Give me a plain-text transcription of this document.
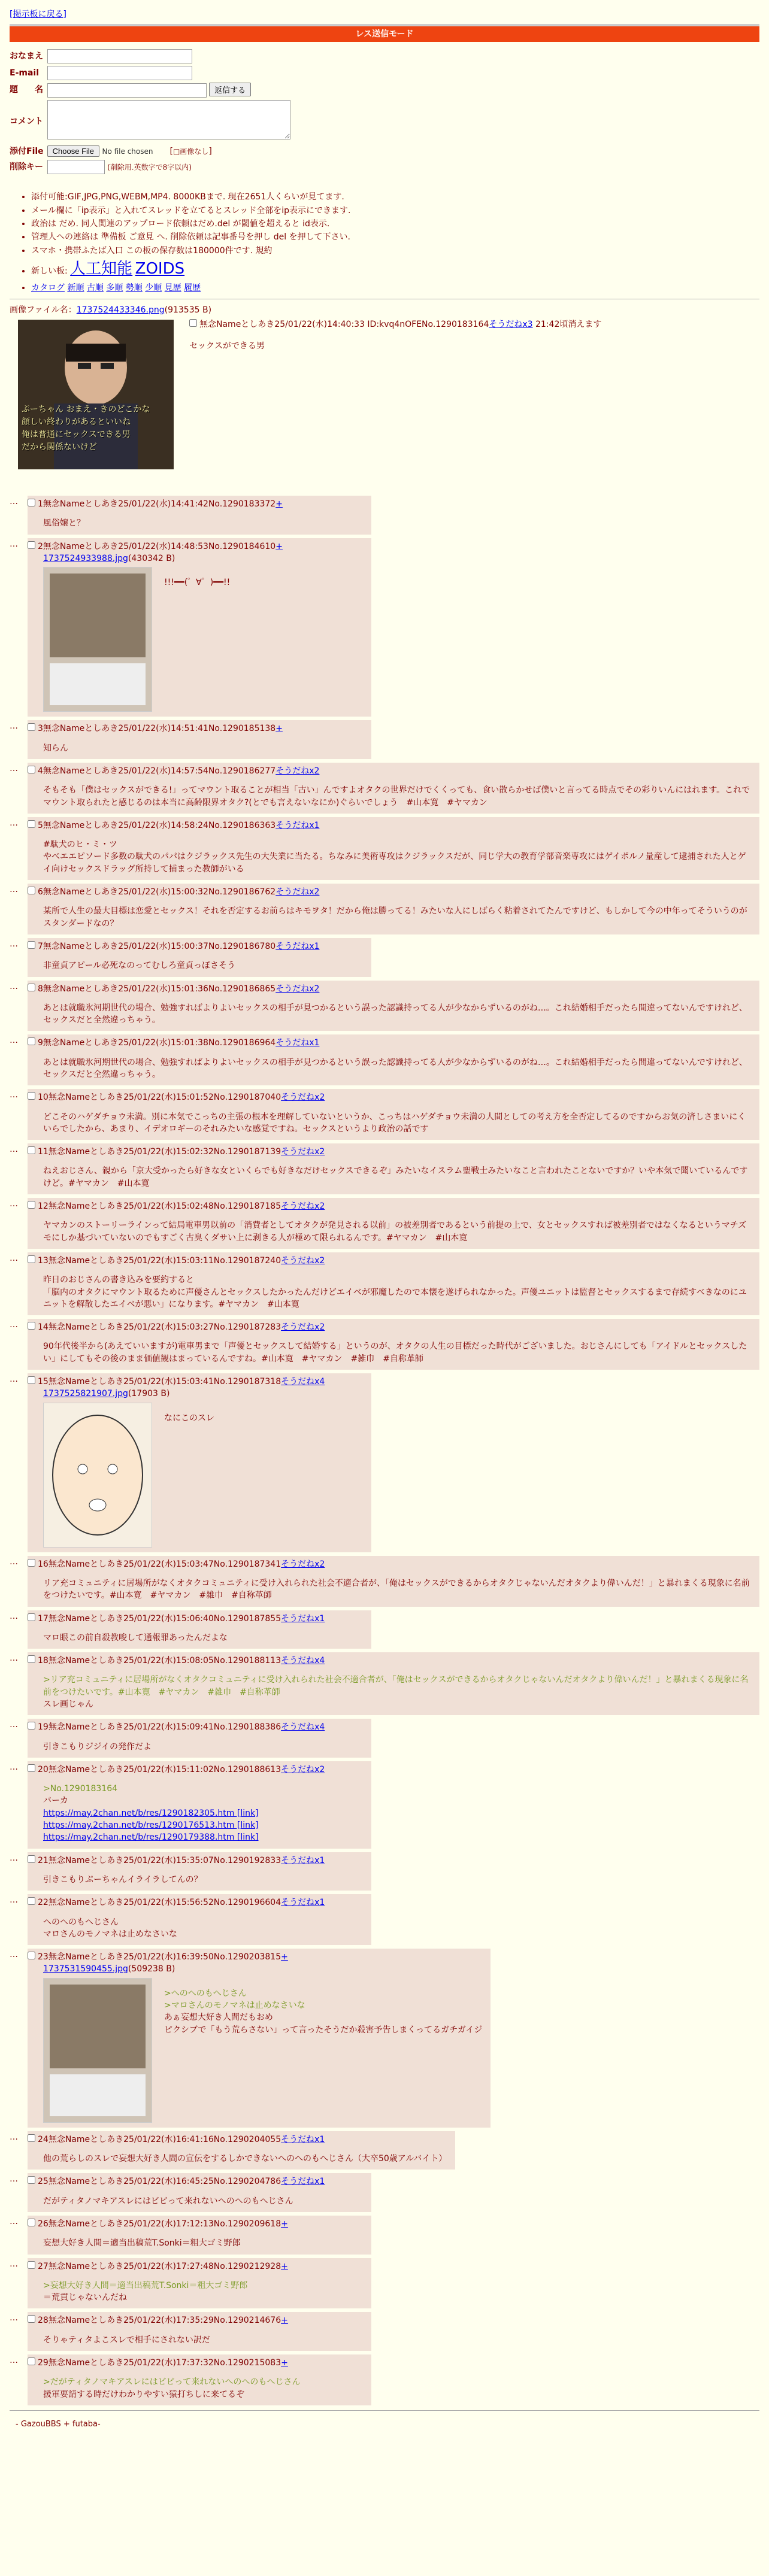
[掲示板に戻る]
レス送信モード
おなまえ	
E-mail	
題　　名	返信する
コメント	
添付File	Choose File No file chosen　　[□画像なし]
削除キー	(削除用.英数字で8字以内)
• 添付可能:GIF,JPG,PNG,WEBM,MP4. 8000KBまで. 現在2651人くらいが見てます.
• メール欄に「ip表示」と入れてスレッドを立てるとスレッド全部をip表示にできます.
• 政治は だめ. 同人関連のアップロード依頼はだめ.del が閾値を超えると id表示.
• 管理人への連絡は 準備板 ご意見 へ. 削除依頼は記事番号を押し del を押して下さい.
• スマホ・携帯ふたば入口 この板の保存数は180000件です. 規約
• 新しい板: 人工知能 ZOIDS
• カタログ 新順 古順 多順 勢順 少順 見歴 履歴
画像ファイル名：1737524433346.png(913535 B)
ぷーちゃん おまえ・きのどこかな
顔しい終わりがあるといいね
俺は普通にセックスできる男
だから関係ないけど
無念Nameとしあき25/01/22(水)14:40:33 ID:kvq4nOFENo.1290183164そうだねx3 21:42頃消えます
セックスができる男
…	1無念Nameとしあき25/01/22(水)14:41:42No.1290183372+
風俗嬢と？
…	2無念Nameとしあき25/01/22(水)14:48:53No.1290184610+
1737524933988.jpg(430342 B)
!!!━━(゜∀゜)━━!!
…	3無念Nameとしあき25/01/22(水)14:51:41No.1290185138+
知らん
…	4無念Nameとしあき25/01/22(水)14:57:54No.1290186277そうだねx2
そもそも「僕はセックスができる!」ってマウント取ることが相当「古い」んですよオタクの世界だけでくくっても、食い散らかせば僕いと言ってる時点でその彩りいんにはれます。これでマウント取られたと感じるのは本当に高齢限界オタク?(とでも言えないなにか)ぐらいでしょう　#山本寛　#ヤマカン
…	5無念Nameとしあき25/01/22(水)14:58:24No.1290186363そうだねx1
#駄犬のヒ・ミ・ツ
やべエエピソード多数の駄犬のパパはクジラックス先生の大失業に当たる。ちなみに美術専攻はクジラックスだが、同じ学大の教育学部音楽専攻にはゲイポルノ量産して逮捕された人とゲイ向けセックスドラッグ所持して捕まった教師がいる
…	6無念Nameとしあき25/01/22(水)15:00:32No.1290186762そうだねx2
某所で人生の最大目標は恋愛とセックス！それを否定するお前らはキモヲタ！だから俺は勝ってる！みたいな人にしばらく粘着されてたんですけど、もしかして今の中年ってそういうのがスタンダードなの？
…	7無念Nameとしあき25/01/22(水)15:00:37No.1290186780そうだねx1
非童貞アピール必死なのってむしろ童貞っぽさそう
…	8無念Nameとしあき25/01/22(水)15:01:36No.1290186865そうだねx2
あとは就職氷河期世代の場合、勉強すればよりよいセックスの相手が見つかるという誤った認識持ってる人が少なからずいるのがね…。これ結婚相手だったら間違ってないんですけれど、セックスだと全然違っちゃう。
…	9無念Nameとしあき25/01/22(水)15:01:38No.1290186964そうだねx1
あとは就職氷河期世代の場合、勉強すればよりよいセックスの相手が見つかるという誤った認識持ってる人が少なからずいるのがね…。これ結婚相手だったら間違ってないんですけれど、セックスだと全然違っちゃう。
…	10無念Nameとしあき25/01/22(水)15:01:52No.1290187040そうだねx2
どこそのハゲダチョウ未満。別に本気でこっちの主張の根本を理解していないというか、こっちはハゲダチョウ未満の人間としての考え方を全否定してるのですからお気の済しさまいにくいらでしたから、あまり、イデオロギーのそれみたいな感覚ですね。セックスというより政治の話です
…	11無念Nameとしあき25/01/22(水)15:02:32No.1290187139そうだねx2
ねえおじさん、親から「京大受かったら好きな女といくらでも好きなだけセックスできるぞ」みたいなイスラム聖戦士みたいなこと言われたことないですか？いや本気で聞いているんですけど。#ヤマカン　#山本寛
…	12無念Nameとしあき25/01/22(水)15:02:48No.1290187185そうだねx2
ヤマカンのストーリーラインって結局電車男以前の「消費者としてオタクが発見される以前」の被差別者であるという前提の上で、女とセックスすれば被差別者ではなくなるというマチズモにしか基づいていないのでもすごく古臭くダサい上に剥きる人が極めて限られるんです。#ヤマカン　#山本寛
…	13無念Nameとしあき25/01/22(水)15:03:11No.1290187240そうだねx2
昨日のおじさんの書き込みを要約すると
「脳内のオタクにマウント取るために声優さんとセックスしたかったんだけどエイベが邪魔したので本懐を遂げられなかった。声優ユニットは監督とセックスするまで存続すべきなのにユニットを解散したエイベが悪い」になります。#ヤマカン　#山本寛
…	14無念Nameとしあき25/01/22(水)15:03:27No.1290187283そうだねx2
90年代後半から(あえていいますが)電車男まで「声優とセックスして結婚する」というのが、オタクの人生の目標だった時代がございました。おじさんにしても「アイドルとセックスしたい」にしてもその後のまま価値観はまっているんですね。#山本寛　#ヤマカン　#雑巾　#自称革師
…	15無念Nameとしあき25/01/22(水)15:03:41No.1290187318そうだねx4
1737525821907.jpg(17903 B)
なにこのスレ
…	16無念Nameとしあき25/01/22(水)15:03:47No.1290187341そうだねx2
リア充コミュニティに居場所がなくオタクコミュニティに受け入れられた社会不適合者が、「俺はセックスができるからオタクじゃないんだオタクより偉いんだ！」と暴れまくる現象に名前をつけたいです。#山本寛　#ヤマカン　#雑巾　#自称革師
…	17無念Nameとしあき25/01/22(水)15:06:40No.1290187855そうだねx1
マロ眼この前自殺教唆して通報罪あったんだよな
…	18無念Nameとしあき25/01/22(水)15:08:05No.1290188113そうだねx4
>リア充コミュニティに居場所がなくオタクコミュニティに受け入れられた社会不適合者が、「俺はセックスができるからオタクじゃないんだオタクより偉いんだ！」と暴れまくる現象に名前をつけたいです。#山本寛　#ヤマカン　#雑巾　#自称革師
スレ画じゃん
…	19無念Nameとしあき25/01/22(水)15:09:41No.1290188386そうだねx4
引きこもりジジイの発作だよ
…	20無念Nameとしあき25/01/22(水)15:11:02No.1290188613そうだねx2
>No.1290183164
バーカ
https://may.2chan.net/b/res/1290182305.htm [link]
https://may.2chan.net/b/res/1290176513.htm [link]
https://may.2chan.net/b/res/1290179388.htm [link]
…	21無念Nameとしあき25/01/22(水)15:35:07No.1290192833そうだねx1
引きこもりぷーちゃんイライラしてんの？
…	22無念Nameとしあき25/01/22(水)15:56:52No.1290196604そうだねx1
へのへのもへじさん
マロさんのモノマネは止めなさいな
…	23無念Nameとしあき25/01/22(水)16:39:50No.1290203815+
1737531590455.jpg(509238 B)
>へのへのもへじさん
>マロさんのモノマネは止めなさいな
あぁ妄想大好き人間だもおめ
ピクシブで「もう荒らさない」って言ったそうだか殺害予告しまくってるガチガイジ
…	24無念Nameとしあき25/01/22(水)16:41:16No.1290204055そうだねx1
他の荒らしのスレで妄想大好き人間の宣伝をするしかできないへのへのもへじさん（大卒50歳アルバイト）
…	25無念Nameとしあき25/01/22(水)16:45:25No.1290204786そうだねx1
だがティタノマキアスレにはビビって来れないへのへのもへじさん
…	26無念Nameとしあき25/01/22(水)17:12:13No.1290209618+
妄想大好き人間＝適当出稿荒T.Sonki＝粗大ゴミ野郎
…	27無念Nameとしあき25/01/22(水)17:27:48No.1290212928+
>妄想大好き人間＝適当出稿荒T.Sonki＝粗大ゴミ野郎
＝荒貫じゃないんだね
…	28無念Nameとしあき25/01/22(水)17:35:29No.1290214676+
そりゃティタよこスレで相手にされない訳だ
…	29無念Nameとしあき25/01/22(水)17:37:32No.1290215083+
>だがティタノマキアスレにはビビって来れないへのへのもへじさん
援軍要請する時だけわかりやすい猿打ちしに来てるぞ
- GazouBBS + futaba-
